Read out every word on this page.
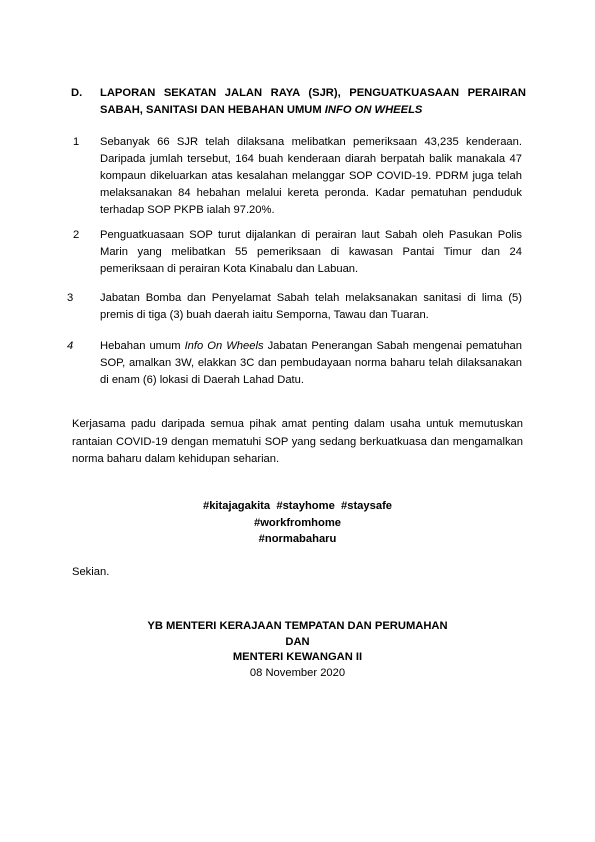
D. LAPORAN SEKATAN JALAN RAYA (SJR), PENGUATKUASAAN PERAIRAN SABAH, SANITASI DAN HEBAHAN UMUM INFO ON WHEELS
1 Sebanyak 66 SJR telah dilaksana melibatkan pemeriksaan 43,235 kenderaan. Daripada jumlah tersebut, 164 buah kenderaan diarah berpatah balik manakala 47 kompaun dikeluarkan atas kesalahan melanggar SOP COVID-19. PDRM juga telah melaksanakan 84 hebahan melalui kereta peronda. Kadar pematuhan penduduk terhadap SOP PKPB ialah 97.20%.

2 Penguatkuasaan SOP turut dijalankan di perairan laut Sabah oleh Pasukan Polis Marin yang melibatkan 55 pemeriksaan di kawasan Pantai Timur dan 24 pemeriksaan di perairan Kota Kinabalu dan Labuan.

3 Jabatan Bomba dan Penyelamat Sabah telah melaksanakan sanitasi di lima (5) premis di tiga (3) buah daerah iaitu Semporna, Tawau dan Tuaran.

4 Hebahan umum Info On Wheels Jabatan Penerangan Sabah mengenai pematuhan SOP, amalkan 3W, elakkan 3C dan pembudayaan norma baharu telah dilaksanakan di enam (6) lokasi di Daerah Lahad Datu.

Kerjasama padu daripada semua pihak amat penting dalam usaha untuk memutuskan rantaian COVID-19 dengan mematuhi SOP yang sedang berkuatkuasa dan mengamalkan norma baharu dalam kehidupan seharian.

#kitajagakita  #stayhome  #staysafe
#workfromhome
#normabaharu
Sekian.
YB MENTERI KERAJAAN TEMPATAN DAN PERUMAHAN
DAN
MENTERI KEWANGAN II
08 November 2020
